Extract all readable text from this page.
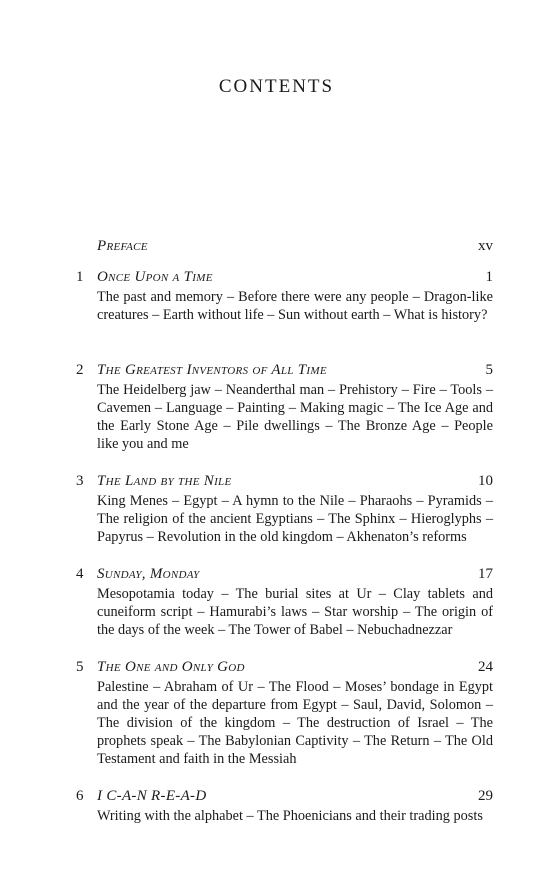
CONTENTS
Preface	xv
1 Once Upon a Time	1
The past and memory – Before there were any people – Dragon-like creatures – Earth without life – Sun without earth – What is history?
2 The Greatest Inventors of All Time	5
The Heidelberg jaw – Neanderthal man – Prehistory – Fire – Tools – Cavemen – Language – Painting – Making magic – The Ice Age and the Early Stone Age – Pile dwellings – The Bronze Age – People like you and me
3 The Land by the Nile	10
King Menes – Egypt – A hymn to the Nile – Pharaohs – Pyramids – The religion of the ancient Egyptians – The Sphinx – Hieroglyphs – Papyrus – Revolution in the old kingdom – Akhenaton’s reforms
4 Sunday, Monday	17
Mesopotamia today – The burial sites at Ur – Clay tablets and cuneiform script – Hamurabi’s laws – Star worship – The origin of the days of the week – The Tower of Babel – Nebuchadnezzar
5 The One and Only God	24
Palestine – Abraham of Ur – The Flood – Moses’ bondage in Egypt and the year of the departure from Egypt – Saul, David, Solomon – The division of the kingdom – The destruction of Israel – The prophets speak – The Babylonian Captivity – The Return – The Old Testament and faith in the Messiah
6 I C-A-N R-E-A-D	29
Writing with the alphabet – The Phoenicians and their trading posts
